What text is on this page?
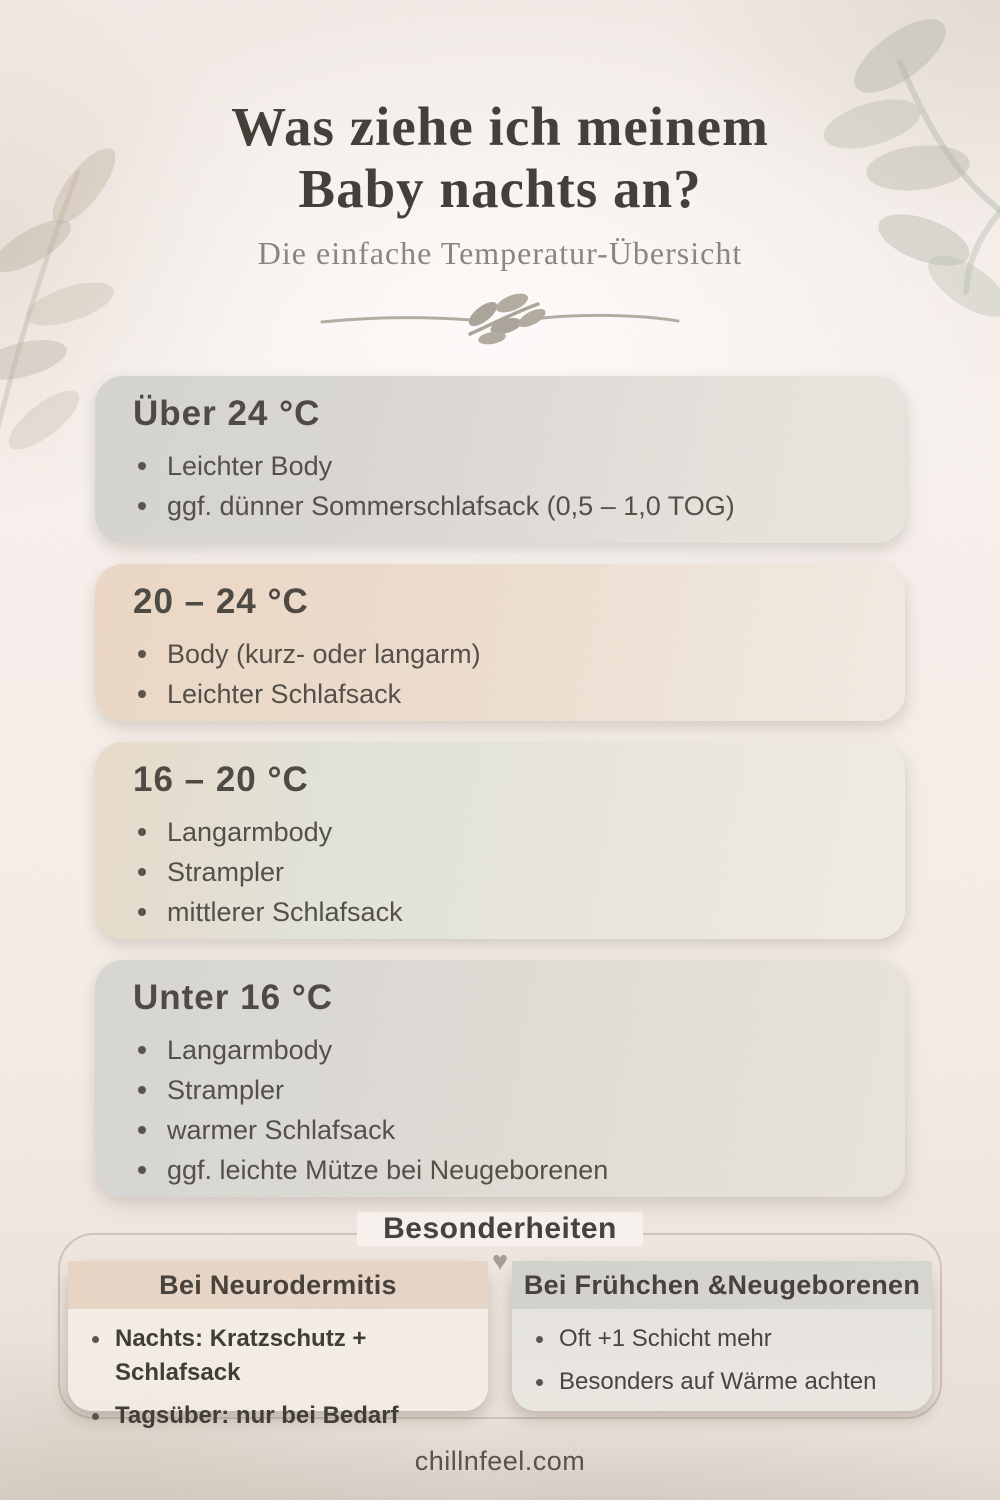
Was ziehe ich meinem
Baby nachts an?
Die einfache Temperatur-Übersicht
Über 24 °C
Leichter Body
ggf. dünner Sommerschlafsack (0,5 – 1,0 TOG)
20 – 24 °C
Body (kurz- oder langarm)
Leichter Schlafsack
16 – 20 °C
Langarmbody
Strampler
mittlerer Schlafsack
Unter 16 °C
Langarmbody
Strampler
warmer Schlafsack
ggf. leichte Mütze bei Neugeborenen
Besonderheiten
♥
Bei Neurodermitis
Nachts: Kratzschutz + Schlafsack
Tagsüber: nur bei Bedarf
Bei Frühchen &Neugeborenen
Oft +1 Schicht mehr
Besonders auf Wärme achten
chillnfeel.com
